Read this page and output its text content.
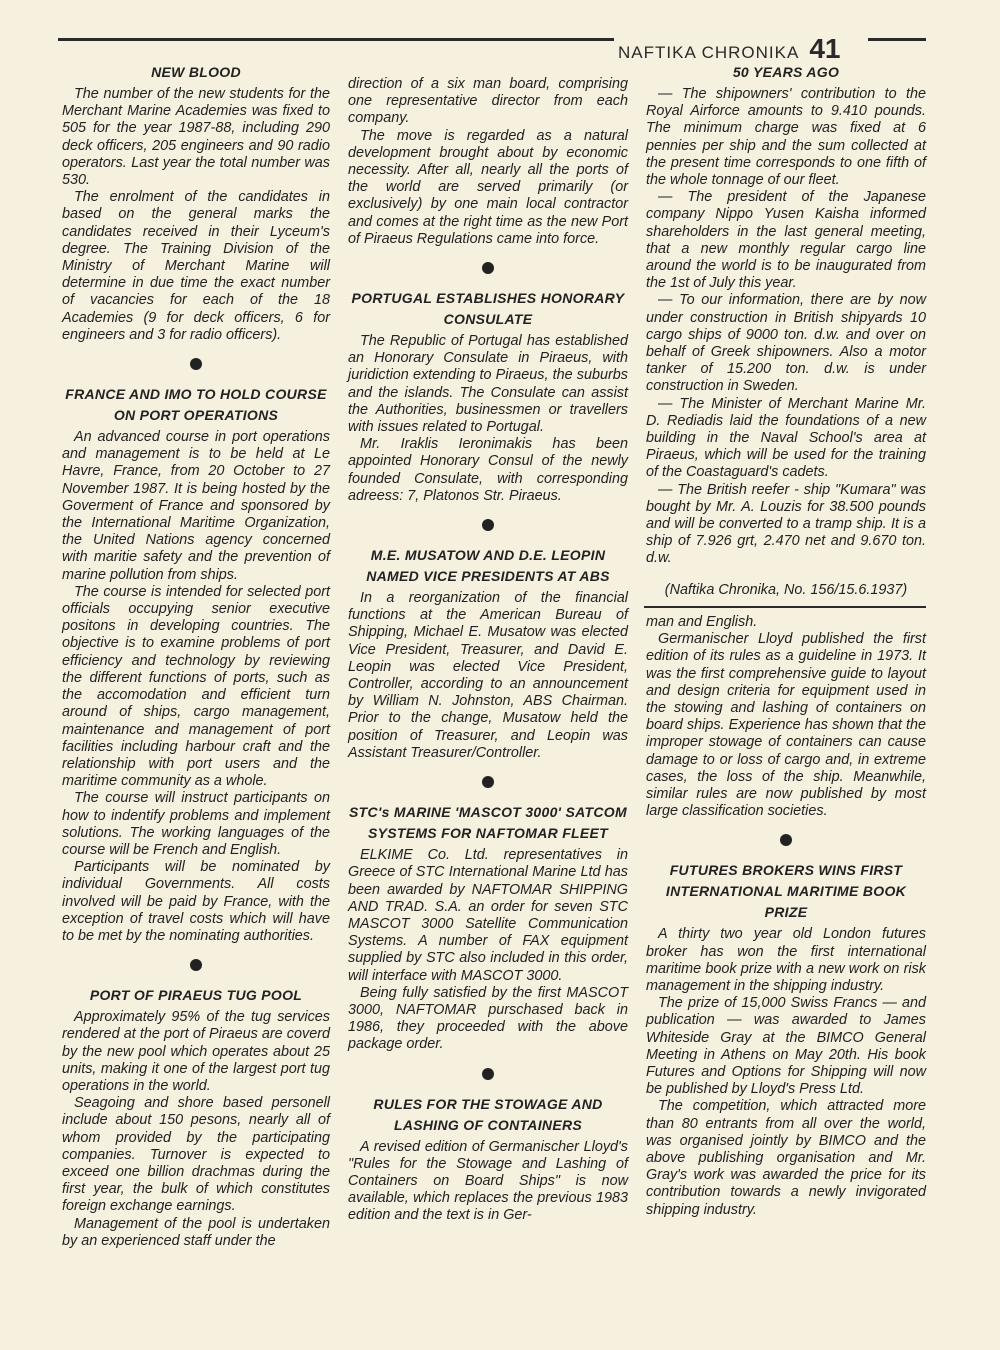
NAFTIKA CHRONIKA 41
NEW BLOOD

The number of the new students for the Merchant Marine Academies was fixed to 505 for the year 1987-88, including 290 deck officers, 205 engineers and 90 radio operators. Last year the total number was 530.

The enrolment of the candidates in based on the general marks the candidates received in their Lyceum's degree. The Training Division of the Ministry of Merchant Marine will determine in due time the exact number of vacancies for each of the 18 Academies (9 for deck officers, 6 for engineers and 3 for radio officers).

FRANCE AND IMO TO HOLD COURSE ON PORT OPERATIONS

An advanced course in port operations and management is to be held at Le Havre, France, from 20 October to 27 November 1987. It is being hosted by the Goverment of France and sponsored by the International Maritime Organization, the United Nations agency concerned with maritie safety and the prevention of marine pollution from ships.

The course is intended for selected port officials occupying senior executive positons in developing countries. The objective is to examine problems of port efficiency and technology by reviewing the different functions of ports, such as the accomodation and efficient turn around of ships, cargo management, maintenance and management of port facilities including harbour craft and the relationship with port users and the maritime community as a whole.

The course will instruct participants on how to indentify problems and implement solutions. The working languages of the course will be French and English.

Participants will be nominated by individual Governments. All costs involved will be paid by France, with the exception of travel costs which will have to be met by the nominating authorities.

PORT OF PIRAEUS TUG POOL

Approximately 95% of the tug services rendered at the port of Piraeus are coverd by the new pool which operates about 25 units, making it one of the largest port tug operations in the world.

Seagoing and shore based personell include about 150 pesons, nearly all of whom provided by the participating companies. Turnover is expected to exceed one billion drachmas during the first year, the bulk of which constitutes foreign exchange earnings.

Management of the pool is undertaken by an experienced staff under the

direction of a six man board, comprising one representative director from each company.

The move is regarded as a natural development brought about by economic necessity. After all, nearly all the ports of the world are served primarily (or exclusively) by one main local contractor and comes at the right time as the new Port of Piraeus Regulations came into force.

PORTUGAL ESTABLISHES HONORARY CONSULATE

The Republic of Portugal has established an Honorary Consulate in Piraeus, with juridiction extending to Piraeus, the suburbs and the islands. The Consulate can assist the Authorities, businessmen or travellers with issues related to Portugal.

Mr. Iraklis Ieronimakis has been appointed Honorary Consul of the newly founded Consulate, with corresponding adreess: 7, Platonos Str. Piraeus.

M.E. MUSATOW AND D.E. LEOPIN NAMED VICE PRESIDENTS AT ABS

In a reorganization of the financial functions at the American Bureau of Shipping, Michael E. Musatow was elected Vice President, Treasurer, and David E. Leopin was elected Vice President, Controller, according to an announcement by William N. Johnston, ABS Chairman. Prior to the change, Musatow held the position of Treasurer, and Leopin was Assistant Treasurer/Controller.

STC's MARINE 'MASCOT 3000' SATCOM SYSTEMS FOR NAFTOMAR FLEET

ELKIME Co. Ltd. representatives in Greece of STC International Marine Ltd has been awarded by NAFTOMAR SHIPPING AND TRAD. S.A. an order for seven STC MASCOT 3000 Satellite Communication Systems. A number of FAX equipment supplied by STC also included in this order, will interface with MASCOT 3000.

Being fully satisfied by the first MASCOT 3000, NAFTOMAR purschased back in 1986, they proceeded with the above package order.

RULES FOR THE STOWAGE AND LASHING OF CONTAINERS

A revised edition of Germanischer Lloyd's "Rules for the Stowage and Lashing of Containers on Board Ships" is now available, which replaces the previous 1983 edition and the text is in Ger-

50 YEARS AGO

— The shipowners' contribution to the Royal Airforce amounts to 9.410 pounds. The minimum charge was fixed at 6 pennies per ship and the sum collected at the present time corresponds to one fifth of the whole tonnage of our fleet.

— The president of the Japanese company Nippo Yusen Kaisha informed shareholders in the last general meeting, that a new monthly regular cargo line around the world is to be inaugurated from the 1st of July this year.

— To our information, there are by now under construction in British shipyards 10 cargo ships of 9000 ton. d.w. and over on behalf of Greek shipowners. Also a motor tanker of 15.200 ton. d.w. is under construction in Sweden.

— The Minister of Merchant Marine Mr. D. Rediadis laid the foundations of a new building in the Naval School's area at Piraeus, which will be used for the training of the Coastaguard's cadets.

— The British reefer - ship "Kumara" was bought by Mr. A. Louzis for 38.500 pounds and will be converted to a tramp ship. It is a ship of 7.926 grt, 2.470 net and 9.670 ton. d.w.

(Naftika Chronika, No. 156/15.6.1937)

man and English.

Germanischer Lloyd published the first edition of its rules as a guideline in 1973. It was the first comprehensive guide to layout and design criteria for equipment used in the stowing and lashing of containers on board ships. Experience has shown that the improper stowage of containers can cause damage to or loss of cargo and, in extreme cases, the loss of the ship. Meanwhile, similar rules are now published by most large classification societies.

FUTURES BROKERS WINS FIRST INTERNATIONAL MARITIME BOOK PRIZE

A thirty two year old London futures broker has won the first international maritime book prize with a new work on risk management in the shipping industry.

The prize of 15,000 Swiss Francs — and publication — was awarded to James Whiteside Gray at the BIMCO General Meeting in Athens on May 20th. His book Futures and Options for Shipping will now be published by Lloyd's Press Ltd.

The competition, which attracted more than 80 entrants from all over the world, was organised jointly by BIMCO and the above publishing organisation and Mr. Gray's work was awarded the price for its contribution towards a newly invigorated shipping industry.
